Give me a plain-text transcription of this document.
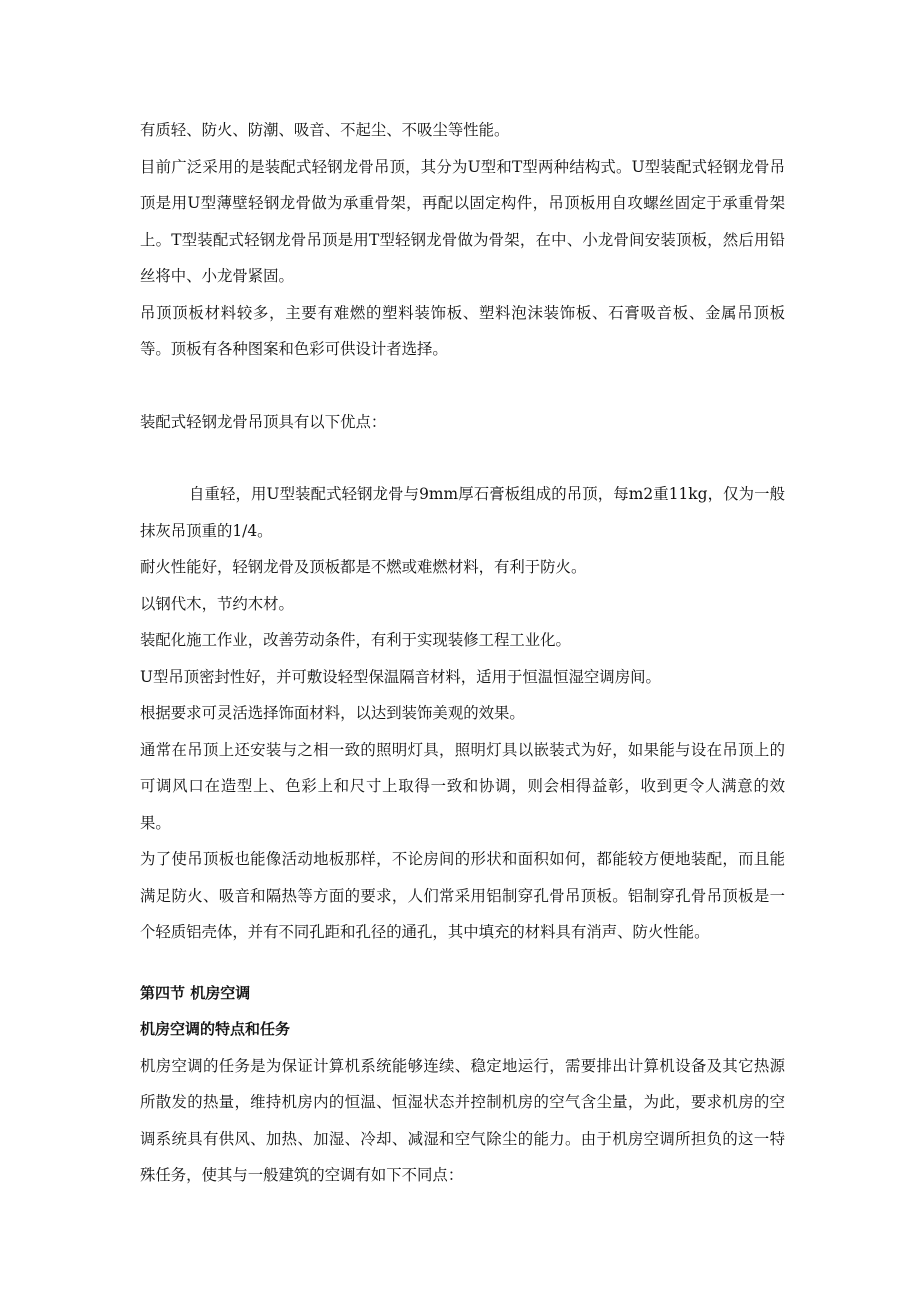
有质轻、防火、防潮、吸音、不起尘、不吸尘等性能。

目前广泛采用的是装配式轻钢龙骨吊顶，其分为U型和T型两种结构式。U型装配式轻钢龙骨吊顶是用U型薄壁轻钢龙骨做为承重骨架，再配以固定构件，吊顶板用自攻螺丝固定于承重骨架上。T型装配式轻钢龙骨吊顶是用T型轻钢龙骨做为骨架，在中、小龙骨间安装顶板，然后用铅丝将中、小龙骨紧固。

吊顶顶板材料较多，主要有难燃的塑料装饰板、塑料泡沫装饰板、石膏吸音板、金属吊顶板等。顶板有各种图案和色彩可供设计者选择。

装配式轻钢龙骨吊顶具有以下优点：

自重轻，用U型装配式轻钢龙骨与9mm厚石膏板组成的吊顶，每m2重11kg，仅为一般抹灰吊顶重的1/4。

耐火性能好，轻钢龙骨及顶板都是不燃或难燃材料，有利于防火。

以钢代木，节约木材。

装配化施工作业，改善劳动条件，有利于实现装修工程工业化。

U型吊顶密封性好，并可敷设轻型保温隔音材料，适用于恒温恒湿空调房间。

根据要求可灵活选择饰面材料，以达到装饰美观的效果。

通常在吊顶上还安装与之相一致的照明灯具，照明灯具以嵌装式为好，如果能与设在吊顶上的可调风口在造型上、色彩上和尺寸上取得一致和协调，则会相得益彰，收到更令人满意的效果。

为了使吊顶板也能像活动地板那样，不论房间的形状和面积如何，都能较方便地装配，而且能满足防火、吸音和隔热等方面的要求，人们常采用铝制穿孔骨吊顶板。铝制穿孔骨吊顶板是一个轻质铝壳体，并有不同孔距和孔径的通孔，其中填充的材料具有消声、防火性能。

第四节 机房空调

机房空调的特点和任务

机房空调的任务是为保证计算机系统能够连续、稳定地运行，需要排出计算机设备及其它热源所散发的热量，维持机房内的恒温、恒湿状态并控制机房的空气含尘量，为此，要求机房的空调系统具有供风、加热、加湿、冷却、减湿和空气除尘的能力。由于机房空调所担负的这一特殊任务，使其与一般建筑的空调有如下不同点：
